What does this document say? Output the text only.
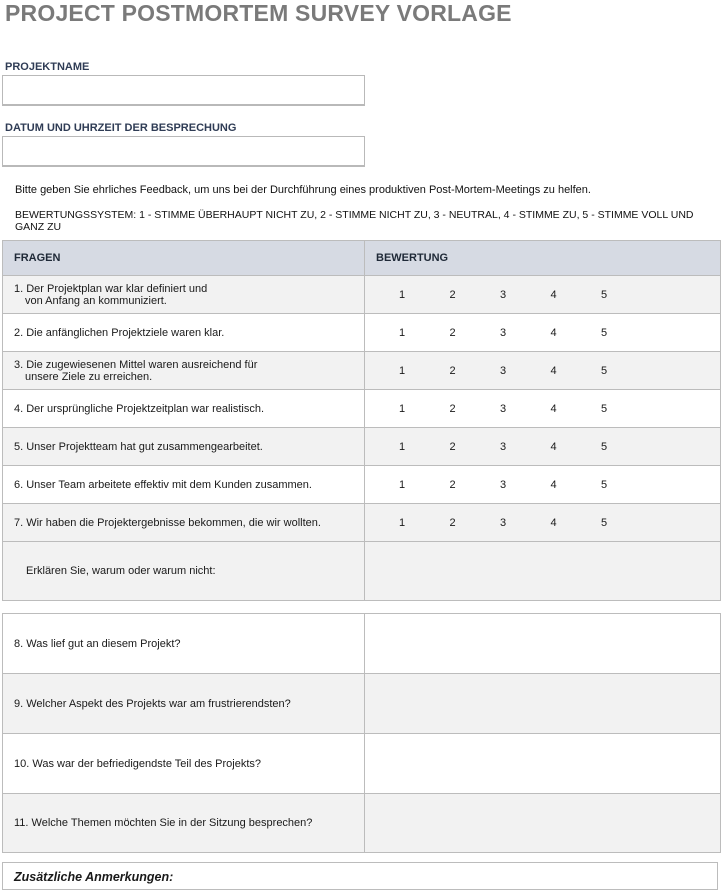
PROJECT POSTMORTEM SURVEY VORLAGE
PROJEKTNAME
DATUM UND UHRZEIT DER BESPRECHUNG
Bitte geben Sie ehrliches Feedback, um uns bei der Durchführung eines produktiven Post-Mortem-Meetings zu helfen.
BEWERTUNGSSYSTEM: 1 - STIMME ÜBERHAUPT NICHT ZU, 2 - STIMME NICHT ZU, 3 - NEUTRAL, 4 - STIMME ZU, 5 - STIMME VOLL UND GANZ ZU
FRAGEN	BEWERTUNG

1. Der Projektplan war klar definiert und
von Anfang an kommuniziert.	1 2 3 4 5

2. Die anfänglichen Projektziele waren klar.	1 2 3 4 5

3. Die zugewiesenen Mittel waren ausreichend für
unsere Ziele zu erreichen.	1 2 3 4 5

4. Der ursprüngliche Projektzeitplan war realistisch.	1 2 3 4 5

5. Unser Projektteam hat gut zusammengearbeitet.	1 2 3 4 5

6. Unser Team arbeitete effektiv mit dem Kunden zusammen.	1 2 3 4 5

7. Wir haben die Projektergebnisse bekommen, die wir wollten.	1 2 3 4 5

Erklären Sie, warum oder warum nicht:	
8. Was lief gut an diesem Projekt?	
9. Welcher Aspekt des Projekts war am frustrierendsten?	
10. Was war der befriedigendste Teil des Projekts?	
11. Welche Themen möchten Sie in der Sitzung besprechen?	
Zusätzliche Anmerkungen:
